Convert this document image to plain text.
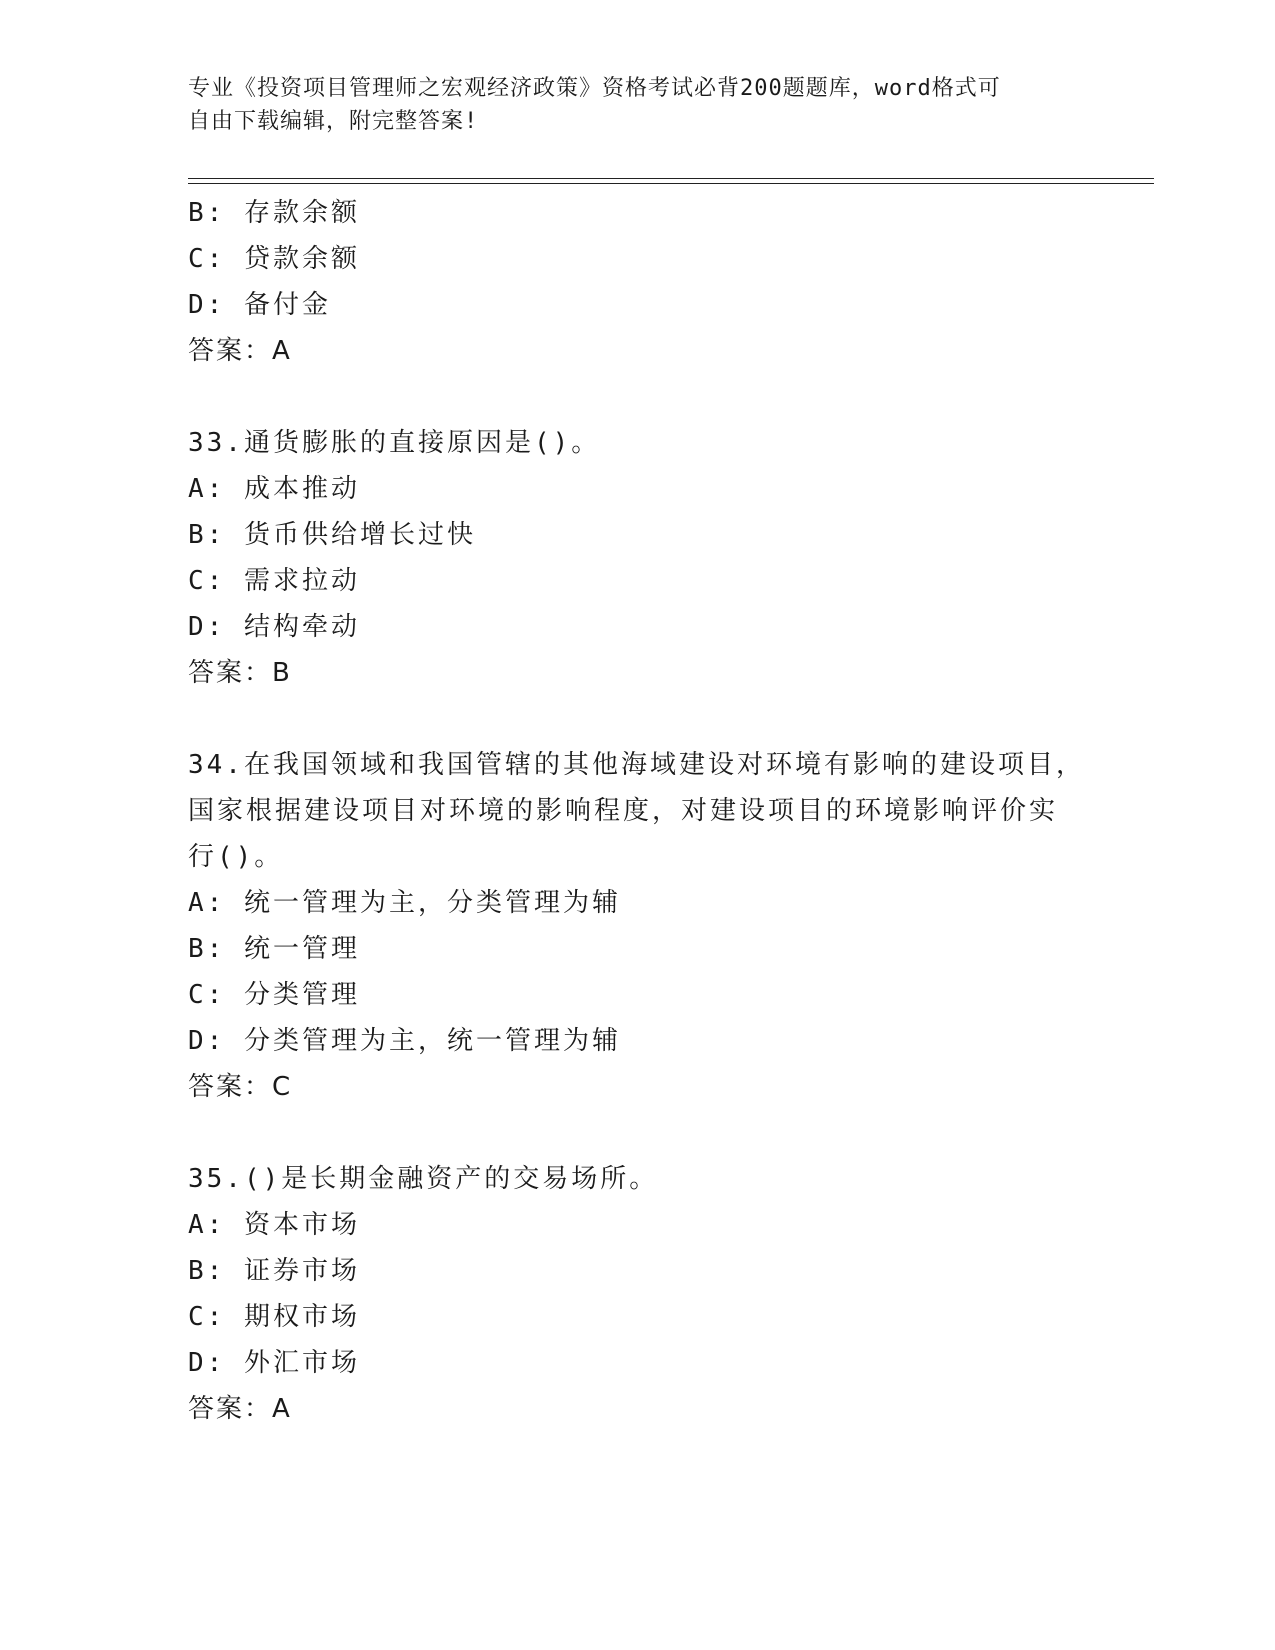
专业《投资项目管理师之宏观经济政策》资格考试必背200题题库，word格式可
自由下载编辑，附完整答案!
B: 存款余额
C: 贷款余额
D: 备付金
答案：A
33.通货膨胀的直接原因是()。
A: 成本推动
B: 货币供给增长过快
C: 需求拉动
D: 结构牵动
答案：B
34.在我国领域和我国管辖的其他海域建设对环境有影响的建设项目，
国家根据建设项目对环境的影响程度，对建设项目的环境影响评价实
行()。
A: 统一管理为主，分类管理为辅
B: 统一管理
C: 分类管理
D: 分类管理为主，统一管理为辅
答案：C
35.()是长期金融资产的交易场所。
A: 资本市场
B: 证券市场
C: 期权市场
D: 外汇市场
答案：A
